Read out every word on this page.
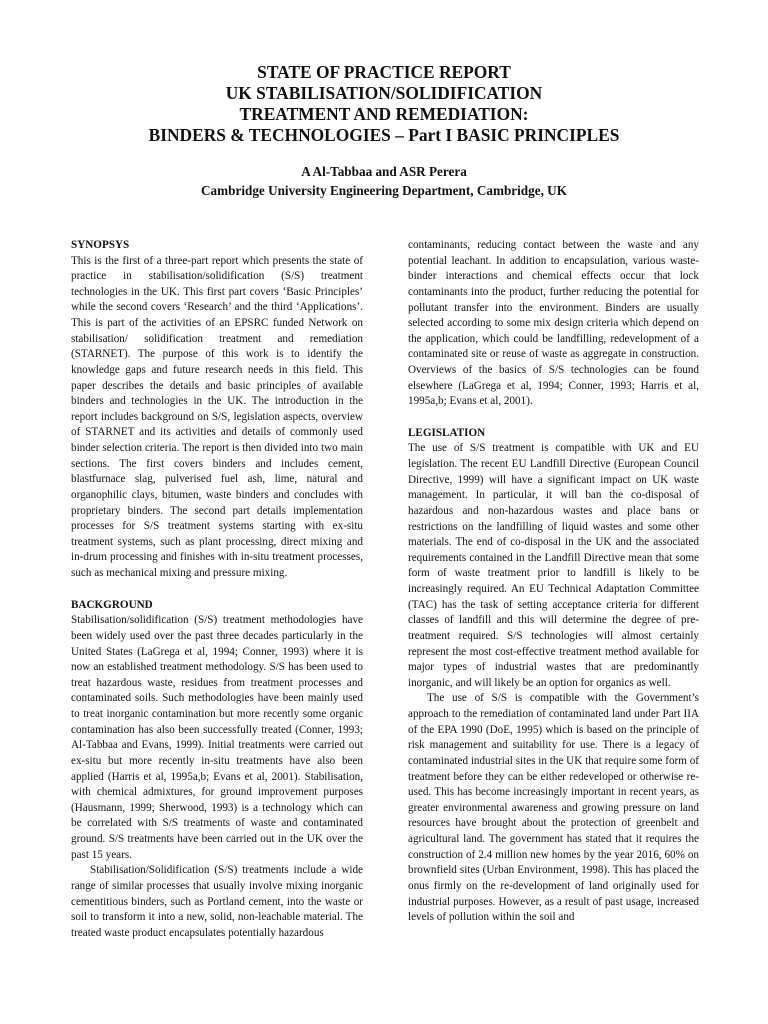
STATE OF PRACTICE REPORT
UK STABILISATION/SOLIDIFICATION
TREATMENT AND REMEDIATION:
BINDERS & TECHNOLOGIES – Part I BASIC PRINCIPLES
A Al-Tabbaa and ASR Perera
Cambridge University Engineering Department, Cambridge, UK
SYNOPSYS

This is the first of a three-part report which presents the state of practice in stabilisation/solidification (S/S) treatment technologies in the UK. This first part covers ‘Basic Principles’ while the second covers ‘Research’ and the third ‘Applications’. This is part of the activities of an EPSRC funded Network on stabilisation/ solidification treatment and remediation (STARNET). The purpose of this work is to identify the knowledge gaps and future research needs in this field. This paper describes the details and basic principles of available binders and technologies in the UK. The introduction in the report includes background on S/S, legislation aspects, overview of STARNET and its activities and details of commonly used binder selection criteria. The report is then divided into two main sections. The first covers binders and includes cement, blastfurnace slag, pulverised fuel ash, lime, natural and organophilic clays, bitumen, waste binders and concludes with proprietary binders. The second part details implementation processes for S/S treatment systems starting with ex-situ treatment systems, such as plant processing, direct mixing and in-drum processing and finishes with in-situ treatment processes, such as mechanical mixing and pressure mixing.

BACKGROUND

Stabilisation/solidification (S/S) treatment methodologies have been widely used over the past three decades particularly in the United States (LaGrega et al, 1994; Conner, 1993) where it is now an established treatment methodology. S/S has been used to treat hazardous waste, residues from treatment processes and contaminated soils. Such methodologies have been mainly used to treat inorganic contamination but more recently some organic contamination has also been successfully treated (Conner, 1993; Al-Tabbaa and Evans, 1999). Initial treatments were carried out ex-situ but more recently in-situ treatments have also been applied (Harris et al, 1995a,b; Evans et al, 2001). Stabilisation, with chemical admixtures, for ground improvement purposes (Hausmann, 1999; Sherwood, 1993) is a technology which can be correlated with S/S treatments of waste and contaminated ground. S/S treatments have been carried out in the UK over the past 15 years.

Stabilisation/Solidification (S/S) treatments include a wide range of similar processes that usually involve mixing inorganic cementitious binders, such as Portland cement, into the waste or soil to transform it into a new, solid, non-leachable material. The treated waste product encapsulates potentially hazardous

contaminants, reducing contact between the waste and any potential leachant. In addition to encapsulation, various waste-binder interactions and chemical effects occur that lock contaminants into the product, further reducing the potential for pollutant transfer into the environment. Binders are usually selected according to some mix design criteria which depend on the application, which could be landfilling, redevelopment of a contaminated site or reuse of waste as aggregate in construction. Overviews of the basics of S/S technologies can be found elsewhere (LaGrega et al, 1994; Conner, 1993; Harris et al, 1995a,b; Evans et al, 2001).

LEGISLATION

The use of S/S treatment is compatible with UK and EU legislation. The recent EU Landfill Directive (European Council Directive, 1999) will have a significant impact on UK waste management. In particular, it will ban the co-disposal of hazardous and non-hazardous wastes and place bans or restrictions on the landfilling of liquid wastes and some other materials. The end of co-disposal in the UK and the associated requirements contained in the Landfill Directive mean that some form of waste treatment prior to landfill is likely to be increasingly required. An EU Technical Adaptation Committee (TAC) has the task of setting acceptance criteria for different classes of landfill and this will determine the degree of pre-treatment required. S/S technologies will almost certainly represent the most cost-effective treatment method available for major types of industrial wastes that are predominantly inorganic, and will likely be an option for organics as well.

The use of S/S is compatible with the Government’s approach to the remediation of contaminated land under Part IIA of the EPA 1990 (DoE, 1995) which is based on the principle of risk management and suitability for use. There is a legacy of contaminated industrial sites in the UK that require some form of treatment before they can be either redeveloped or otherwise re-used. This has become increasingly important in recent years, as greater environmental awareness and growing pressure on land resources have brought about the protection of greenbelt and agricultural land. The government has stated that it requires the construction of 2.4 million new homes by the year 2016, 60% on brownfield sites (Urban Environment, 1998). This has placed the onus firmly on the re-development of land originally used for industrial purposes. However, as a result of past usage, increased levels of pollution within the soil and
